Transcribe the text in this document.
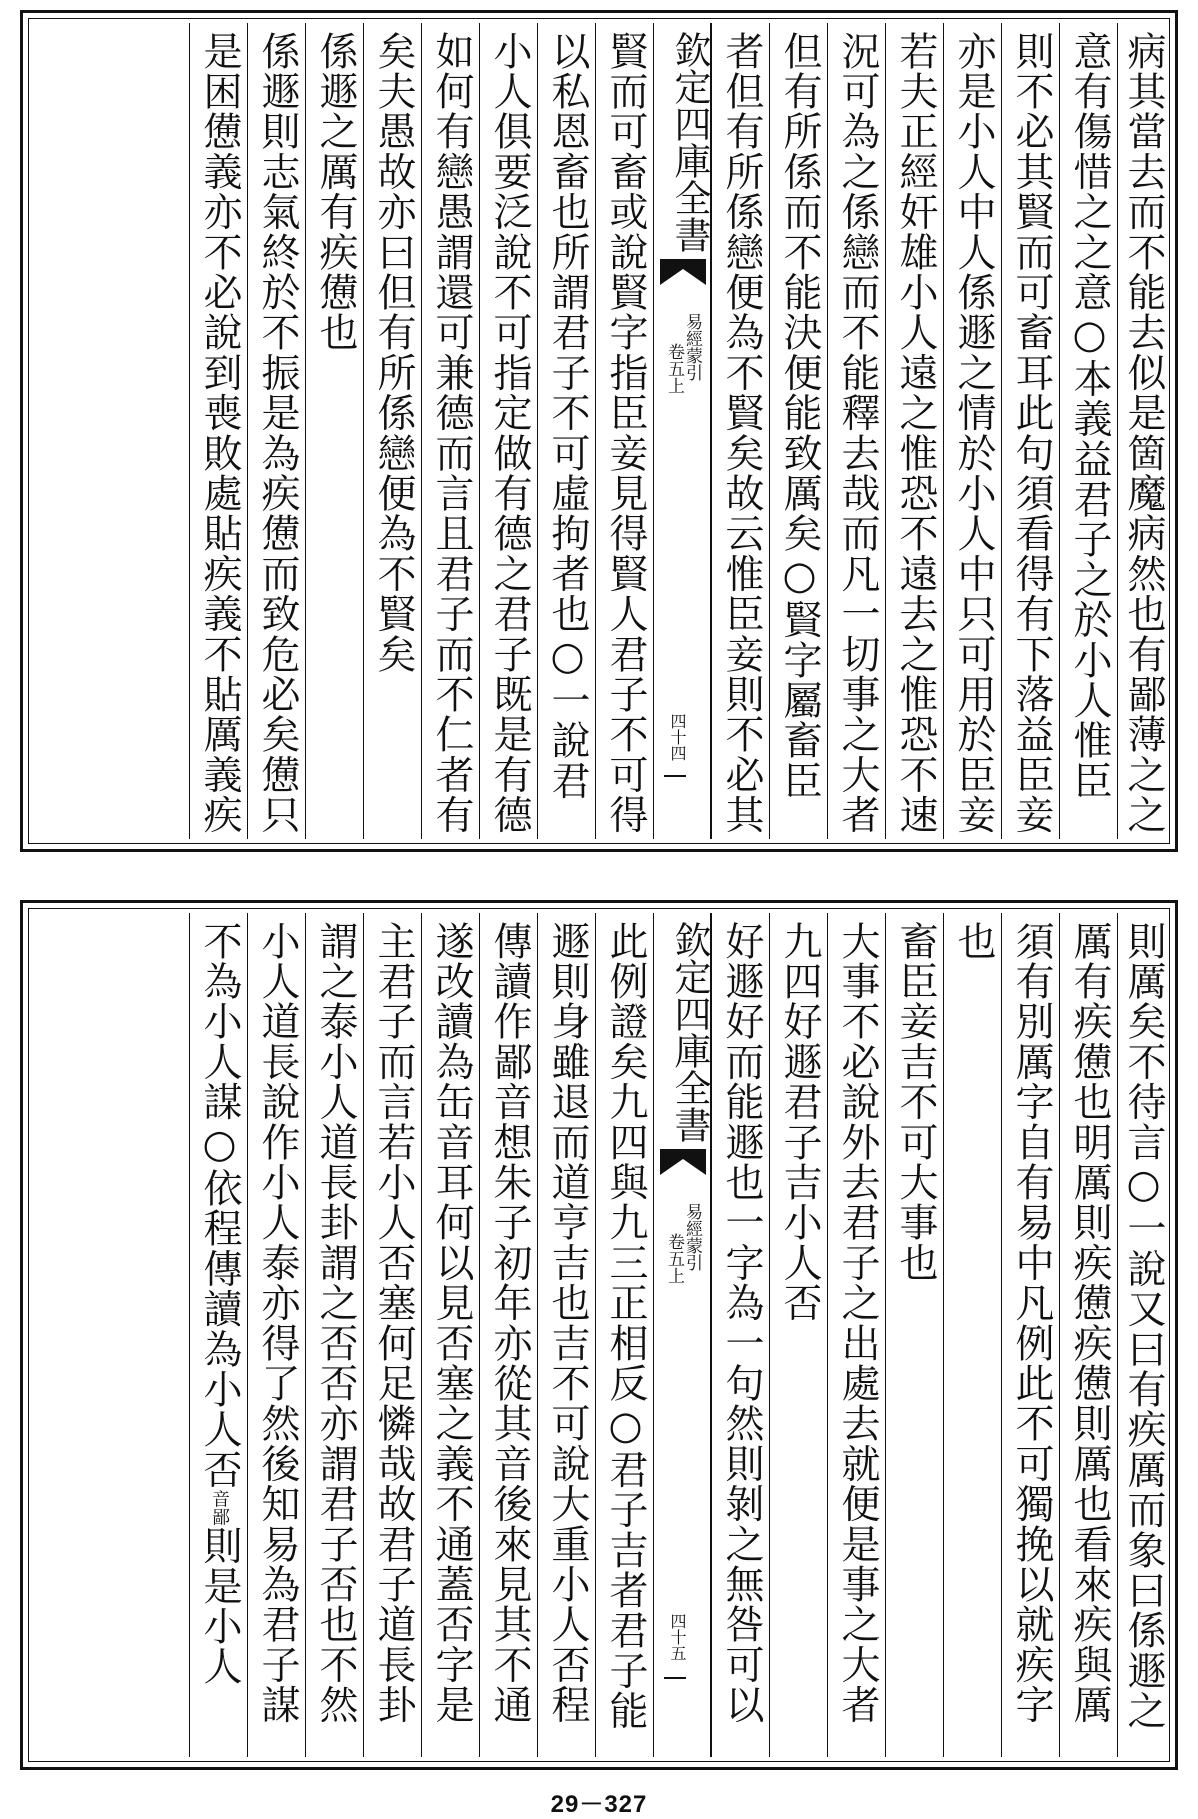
病其當去而不能去似是箇魔病然也有鄙薄之之
意有傷惜之之意○本義益君子之於小人惟臣
則不必其賢而可畜耳此句須看得有下落益臣妾
亦是小人中人係遯之情於小人中只可用於臣妾
若夫正經奸雄小人遠之惟恐不遠去之惟恐不速
況可為之係戀而不能釋去哉而凡一切事之大者
但有所係而不能決便能致厲矣○賢字屬畜臣
者但有所係戀便為不賢矣故云惟臣妾則不必其
欽定四庫全書
易經蒙引
卷五上
四十四
賢而可畜或說賢字指臣妾見得賢人君子不可得
以私恩畜也所謂君子不可虛拘者也○一說君
小人俱要泛說不可指定做有德之君子既是有德
如何有戀愚謂還可兼德而言且君子而不仁者有
矣夫愚故亦曰但有所係戀便為不賢矣
係遯之厲有疾憊也
係遯則志氣終於不振是為疾憊而致危必矣憊只
是困憊義亦不必說到喪敗處貼疾義不貼厲義疾
則厲矣不待言○一說又曰有疾厲而象曰係遯之
厲有疾憊也明厲則疾憊疾憊則厲也看來疾與厲
須有別厲字自有易中凡例此不可獨挽以就疾字
也
畜臣妾吉不可大事也
大事不必說外去君子之出處去就便是事之大者
九四好遯君子吉小人否
好遯好而能遯也一字為一句然則剝之無咎可以
欽定四庫全書
易經蒙引
卷五上
四十五
此例證矣九四與九三正相反○君子吉者君子能
遯則身雖退而道亨吉也吉不可說大重小人否程
傳讀作鄙音想朱子初年亦從其音後來見其不通
遂改讀為缶音耳何以見否塞之義不通蓋否字是
主君子而言若小人否塞何足憐哉故君子道長卦
謂之泰小人道長卦謂之否否亦謂君子否也不然
小人道長說作小人泰亦得了然後知易為君子謀
不為小人謀○依程傳讀為小人否音鄙則是小人
29－327
